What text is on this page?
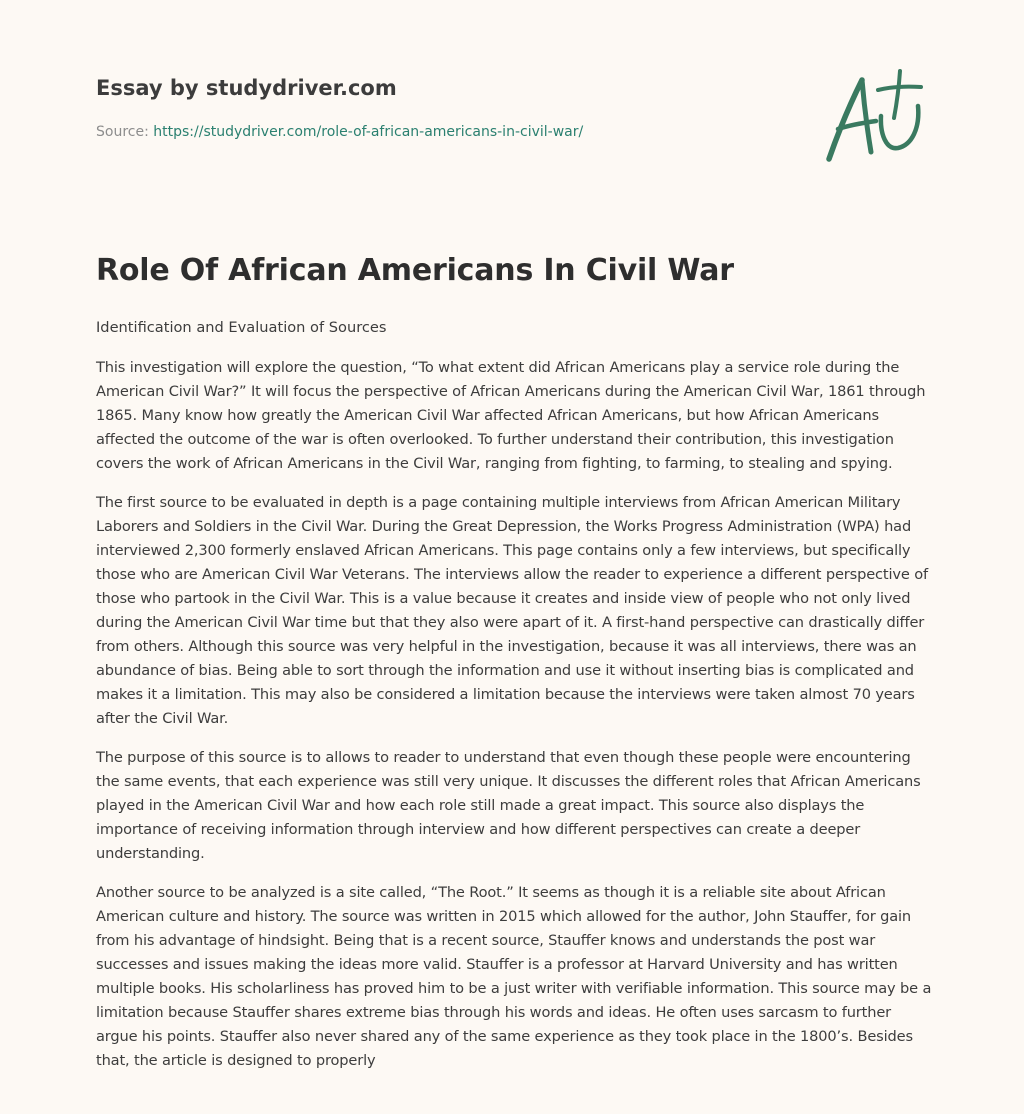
Essay by studydriver.com

Source: https://studydriver.com/role-of-african-americans-in-civil-war/

Role Of African Americans In Civil War

Identification and Evaluation of Sources

This investigation will explore the question, “To what extent did African Americans play a service role during the American Civil War?” It will focus the perspective of African Americans during the American Civil War, 1861 through 1865. Many know how greatly the American Civil War affected African Americans, but how African Americans affected the outcome of the war is often overlooked. To further understand their contribution, this investigation covers the work of African Americans in the Civil War, ranging from fighting, to farming, to stealing and spying.

The first source to be evaluated in depth is a page containing multiple interviews from African American Military Laborers and Soldiers in the Civil War. During the Great Depression, the Works Progress Administration (WPA) had interviewed 2,300 formerly enslaved African Americans. This page contains only a few interviews, but specifically those who are American Civil War Veterans. The interviews allow the reader to experience a different perspective of those who partook in the Civil War. This is a value because it creates and inside view of people who not only lived during the American Civil War time but that they also were apart of it. A first-hand perspective can drastically differ from others. Although this source was very helpful in the investigation, because it was all interviews, there was an abundance of bias. Being able to sort through the information and use it without inserting bias is complicated and makes it a limitation. This may also be considered a limitation because the interviews were taken almost 70 years after the Civil War.

The purpose of this source is to allows to reader to understand that even though these people were encountering the same events, that each experience was still very unique. It discusses the different roles that African Americans played in the American Civil War and how each role still made a great impact. This source also displays the importance of receiving information through interview and how different perspectives can create a deeper understanding.

Another source to be analyzed is a site called, “The Root.” It seems as though it is a reliable site about African American culture and history. The source was written in 2015 which allowed for the author, John Stauffer, for gain from his advantage of hindsight. Being that is a recent source, Stauffer knows and understands the post war successes and issues making the ideas more valid. Stauffer is a professor at Harvard University and has written multiple books. His scholarliness has proved him to be a just writer with verifiable information. This source may be a limitation because Stauffer shares extreme bias through his words and ideas. He often uses sarcasm to further argue his points. Stauffer also never shared any of the same experience as they took place in the 1800’s. Besides that, the article is designed to properly
